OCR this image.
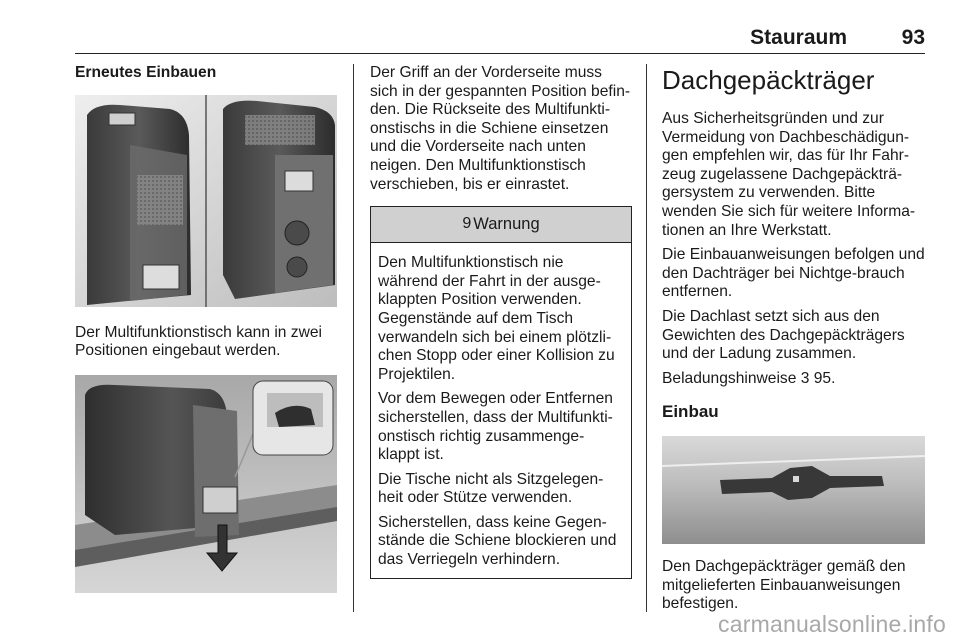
Stauraum	93
Erneutes Einbauen

Der Multifunktionstisch kann in zwei Positionen eingebaut werden.

Der Griff an der Vorderseite muss sich in der gespannten Position befin-den. Die Rückseite des Multifunkti-onstischs in die Schiene einsetzen und die Vorderseite nach unten neigen. Den Multifunktionstisch verschieben, bis er einrastet.

9 Warnung

Den Multifunktionstisch nie während der Fahrt in der ausge-klappten Position verwenden. Gegenstände auf dem Tisch verwandeln sich bei einem plötzli-chen Stopp oder einer Kollision zu Projektilen.

Vor dem Bewegen oder Entfernen sicherstellen, dass der Multifunkti-onstisch richtig zusammenge-klappt ist.

Die Tische nicht als Sitzgelegen-heit oder Stütze verwenden.

Sicherstellen, dass keine Gegen-stände die Schiene blockieren und das Verriegeln verhindern.

Dachgepäckträger

Aus Sicherheitsgründen und zur Vermeidung von Dachbeschädigun-gen empfehlen wir, das für Ihr Fahr-zeug zugelassene Dachgepäckträ-gersystem zu verwenden. Bitte wenden Sie sich für weitere Informa-tionen an Ihre Werkstatt.

Die Einbauanweisungen befolgen und den Dachträger bei Nichtge-brauch entfernen.

Die Dachlast setzt sich aus den Gewichten des Dachgepäckträgers und der Ladung zusammen.

Beladungshinweise 3 95.

Einbau

Den Dachgepäckträger gemäß den mitgelieferten Einbauanweisungen befestigen.

carmanualsonline.info
